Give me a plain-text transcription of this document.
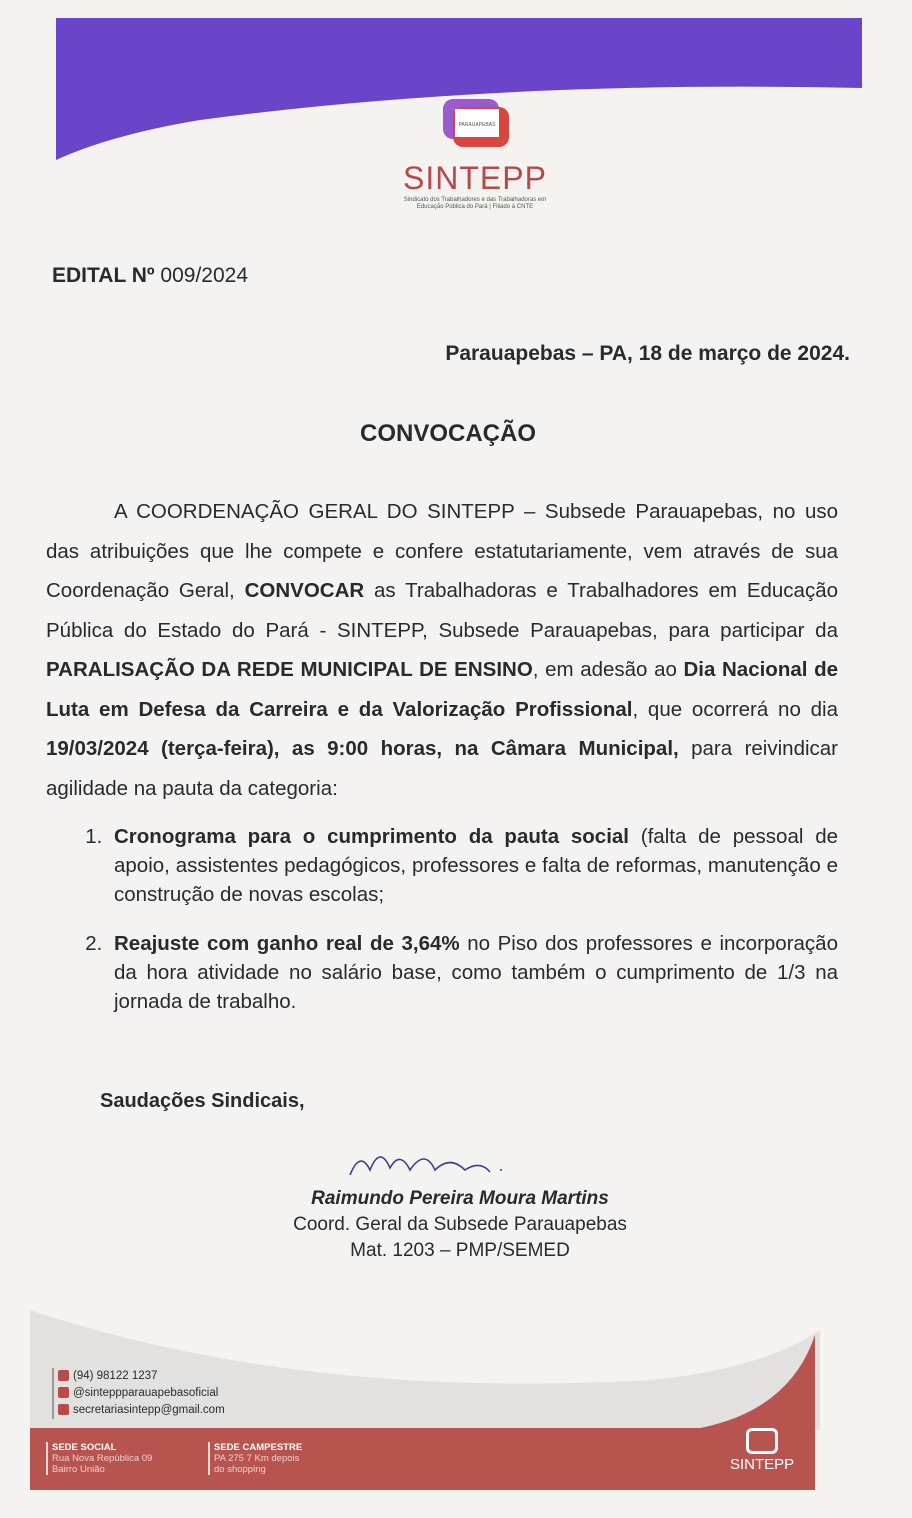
PARAUAPEBAS
SINTEPP
Sindicato dos Trabalhadores e das Trabalhadoras em Educação Pública do Pará | Filiado à CNTE
EDITAL Nº 009/2024
Parauapebas – PA, 18 de março de 2024.
CONVOCAÇÃO

A COORDENAÇÃO GERAL DO SINTEPP – Subsede Parauapebas, no uso das atribuições que lhe compete e confere estatutariamente, vem através de sua Coordenação Geral, CONVOCAR as Trabalhadoras e Trabalhadores em Educação Pública do Estado do Pará - SINTEPP, Subsede Parauapebas, para participar da PARALISAÇÃO DA REDE MUNICIPAL DE ENSINO, em adesão ao Dia Nacional de Luta em Defesa da Carreira e da Valorização Profissional, que ocorrerá no dia 19/03/2024 (terça-feira), as 9:00 horas, na Câmara Municipal, para reivindicar agilidade na pauta da categoria:

1. Cronograma para o cumprimento da pauta social (falta de pessoal de apoio, assistentes pedagógicos, professores e falta de reformas, manutenção e construção de novas escolas;
2. Reajuste com ganho real de 3,64% no Piso dos professores e incorporação da hora atividade no salário base, como também o cumprimento de 1/3 na jornada de trabalho.
Saudações Sindicais,
Raimundo Pereira Moura Martins
Coord. Geral da Subsede Parauapebas
Mat. 1203 – PMP/SEMED
(94) 98122 1237
@sinteppparauapebasoficial
secretariasintepp@gmail.com
SEDE SOCIAL
Rua Nova República 09
Bairro União
SEDE CAMPESTRE
PA 275 7 Km depois
do shopping	SINTEPP
